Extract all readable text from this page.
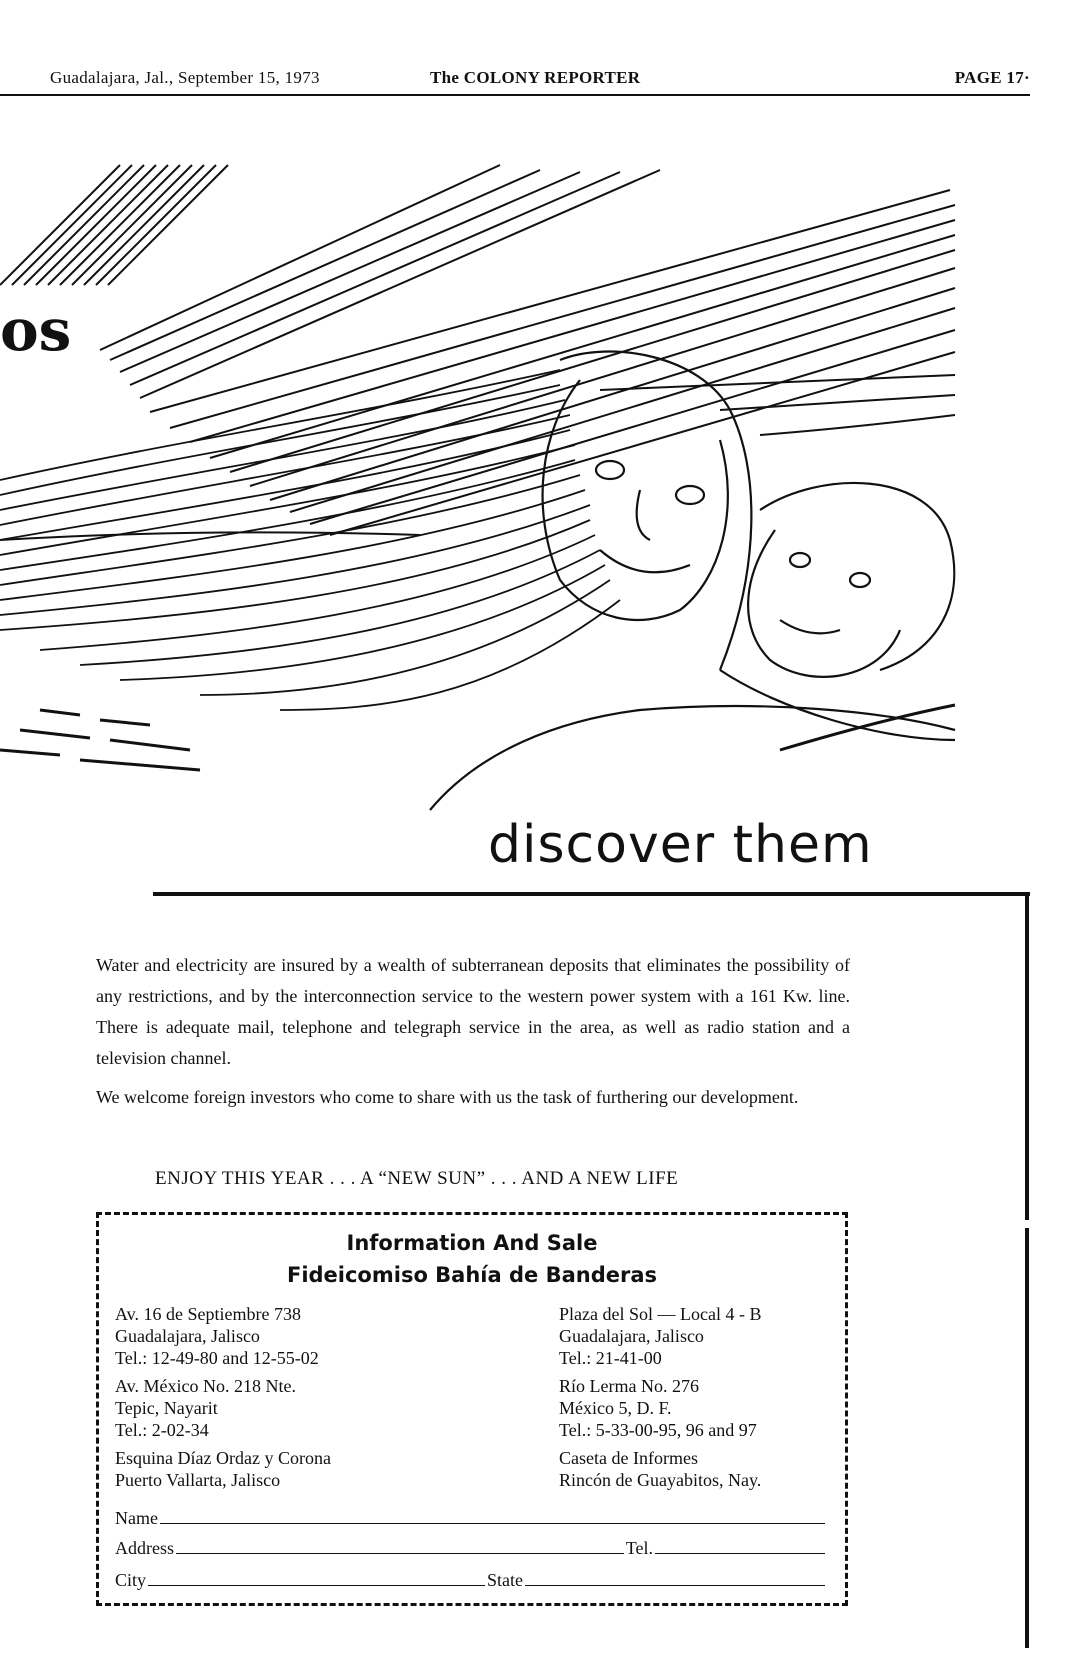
Guadalajara, Jal., September 15, 1973	The COLONY REPORTER	PAGE 17·
os
discover them

Water and electricity are insured by a wealth of subterranean deposits that eliminates the possibility of any restrictions, and by the interconnection service to the western power system with a 161 Kw. line. There is adequate mail, telephone and telegraph service in the area, as well as radio station and a television channel.

We welcome foreign investors who come to share with us the task of furthering our development.

ENJOY THIS YEAR . . . A “NEW SUN” . . . AND A NEW LIFE
Information And Sale
Fideicomiso Bahía de Banderas
Av. 16 de Septiembre 738
Guadalajara, Jalisco
Tel.: 12-49-80 and 12-55-02
Av. México No. 218 Nte.
Tepic, Nayarit
Tel.: 2-02-34
Esquina Díaz Ordaz y Corona
Puerto Vallarta, Jalisco
Plaza del Sol — Local 4 - B
Guadalajara, Jalisco
Tel.: 21-41-00
Río Lerma No. 276
México 5, D. F.
Tel.: 5-33-00-95, 96 and 97
Caseta de Informes
Rincón de Guayabitos, Nay.
Name
Address	Tel.
City	State
